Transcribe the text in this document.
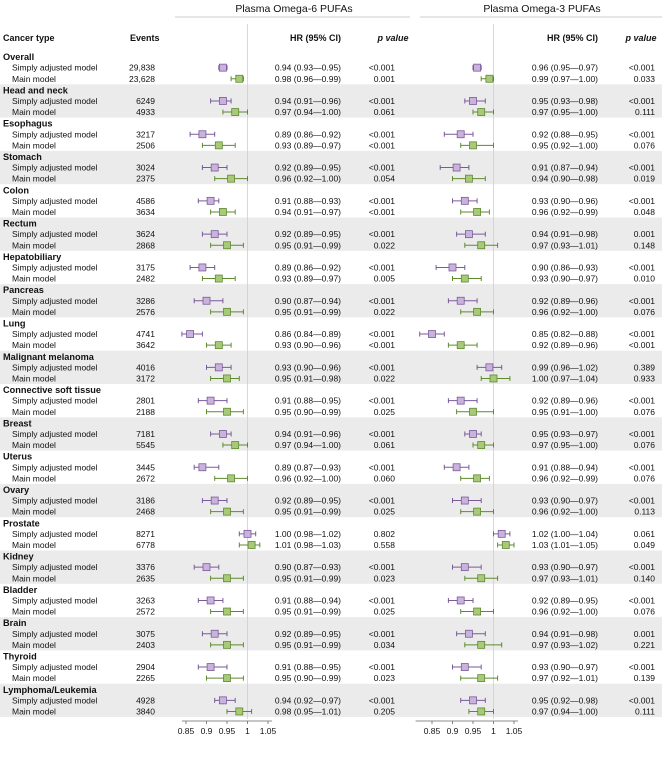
Plasma Omega-6 PUFAs	Plasma Omega-3 PUFAs
Cancer type	Events	HR (95% CI)	p value	HR (95% CI)	p value
0.85 0.9 0.95 1 1.05	0.85 0.9 0.95 1 1.05
Overall
Simply adjusted model	29,838	0.94 (0.93—0.95)	<0.001	0.96 (0.95—0.97)	<0.001
Main model	23,628	0.98 (0.96—0.99)	0.001	0.99 (0.97—1.00)	0.033
Head and neck
Simply adjusted model	6249	0.94 (0.91—0.96)	<0.001	0.95 (0.93—0.98)	<0.001
Main model	4933	0.97 (0.94—1.00)	0.061	0.97 (0.95—1.00)	0.111
Esophagus
Simply adjusted model	3217	0.89 (0.86—0.92)	<0.001	0.92 (0.88—0.95)	<0.001
Main model	2506	0.93 (0.89—0.97)	<0.001	0.95 (0.92—1.00)	0.076
Stomach
Simply adjusted model	3024	0.92 (0.89—0.95)	<0.001	0.91 (0.87—0.94)	<0.001
Main model	2375	0.96 (0.92—1.00)	0.054	0.94 (0.90—0.98)	0.019
Colon
Simply adjusted model	4586	0.91 (0.88—0.93)	<0.001	0.93 (0.90—0.96)	<0.001
Main model	3634	0.94 (0.91—0.97)	<0.001	0.96 (0.92—0.99)	0.048
Rectum
Simply adjusted model	3624	0.92 (0.89—0.95)	<0.001	0.94 (0.91—0.98)	0.001
Main model	2868	0.95 (0.91—0.99)	0.022	0.97 (0.93—1.01)	0.148
Hepatobiliary
Simply adjusted model	3175	0.89 (0.86—0.92)	<0.001	0.90 (0.86—0.93)	<0.001
Main model	2482	0.93 (0.89—0.97)	0.005	0.93 (0.90—0.97)	0.010
Pancreas
Simply adjusted model	3286	0.90 (0.87—0.94)	<0.001	0.92 (0.89—0.96)	<0.001
Main model	2576	0.95 (0.91—0.99)	0.022	0.96 (0.92—1.00)	0.076
Lung
Simply adjusted model	4741	0.86 (0.84—0.89)	<0.001	0.85 (0.82—0.88)	<0.001
Main model	3642	0.93 (0.90—0.96)	<0.001	0.92 (0.89—0.96)	<0.001
Malignant melanoma
Simply adjusted model	4016	0.93 (0.90—0.96)	<0.001	0.99 (0.96—1.02)	0.389
Main model	3172	0.95 (0.91—0.98)	0.022	1.00 (0.97—1.04)	0.933
Connective soft tissue
Simply adjusted model	2801	0.91 (0.88—0.95)	<0.001	0.92 (0.89—0.96)	<0.001
Main model	2188	0.95 (0.90—0.99)	0.025	0.95 (0.91—1.00)	0.076
Breast
Simply adjusted model	7181	0.94 (0.91—0.96)	<0.001	0.95 (0.93—0.97)	<0.001
Main model	5545	0.97 (0.94—1.00)	0.061	0.97 (0.95—1.00)	0.076
Uterus
Simply adjusted model	3445	0.89 (0.87—0.93)	<0.001	0.91 (0.88—0.94)	<0.001
Main model	2672	0.96 (0.92—1.00)	0.060	0.96 (0.92—0.99)	0.076
Ovary
Simply adjusted model	3186	0.92 (0.89—0.95)	<0.001	0.93 (0.90—0.97)	<0.001
Main model	2468	0.95 (0.91—0.99)	0.025	0.96 (0.92—1.00)	0.113
Prostate
Simply adjusted model	8271	1.00 (0.98—1.02)	0.802	1.02 (1.00—1.04)	0.061
Main model	6778	1.01 (0.98—1.03)	0.558	1.03 (1.01—1.05)	0.049
Kidney
Simply adjusted model	3376	0.90 (0.87—0.93)	<0.001	0.93 (0.90—0.97)	<0.001
Main model	2635	0.95 (0.91—0.99)	0.023	0.97 (0.93—1.01)	0.140
Bladder
Simply adjusted model	3263	0.91 (0.88—0.94)	<0.001	0.92 (0.89—0.95)	<0.001
Main model	2572	0.95 (0.91—0.99)	0.025	0.96 (0.92—1.00)	0.076
Brain
Simply adjusted model	3075	0.92 (0.89—0.95)	<0.001	0.94 (0.91—0.98)	0.001
Main model	2403	0.95 (0.91—0.99)	0.034	0.97 (0.93—1.02)	0.221
Thyroid
Simply adjusted model	2904	0.91 (0.88—0.95)	<0.001	0.93 (0.90—0.97)	<0.001
Main model	2265	0.95 (0.90—0.99)	0.023	0.97 (0.92—1.01)	0.139
Lymphoma/Leukemia
Simply adjusted model	4928	0.94 (0.92—0.97)	<0.001	0.95 (0.92—0.98)	<0.001
Main model	3840	0.98 (0.95—1.01)	0.205	0.97 (0.94—1.00)	0.111
